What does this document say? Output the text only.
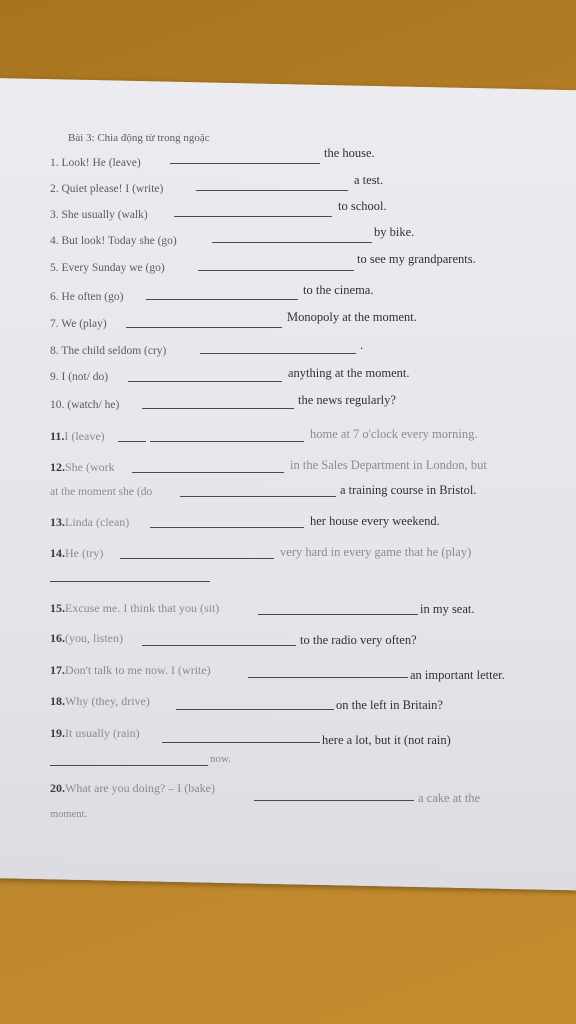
Bài 3: Chia động từ trong ngoặc
1. Look! He (leave)
the house.
2. Quiet please! I (write)
a test.
3. She usually (walk)
to school.
4. But look! Today she (go)
by bike.
5. Every Sunday we (go)
to see my grandparents.
6. He often (go)	to the cinema.
7. We (play)	Monopoly at the moment.
8. The child seldom (cry)	.
9. I (not/ do)	anything at the moment.
10. (watch/ he)	the news regularly?
11.I (leave)	home at 7 o'clock every morning.
12.She (work	in the Sales Department in London, but
at the moment she (do	a training course in Bristol.
13.Linda (clean)	her house every weekend.
14.He (try)	very hard in every game that he (play)
15.Excuse me. I think that you (sit)	in my seat.
16.(you, listen)	to the radio very often?
17.Don't talk to me now. I (write)	an important letter.
18.Why (they, drive)	on the left in Britain?
19.It usually (rain)	here a lot, but it (not rain)
now.
20.What are you doing? – I (bake)
a cake at the
moment.
